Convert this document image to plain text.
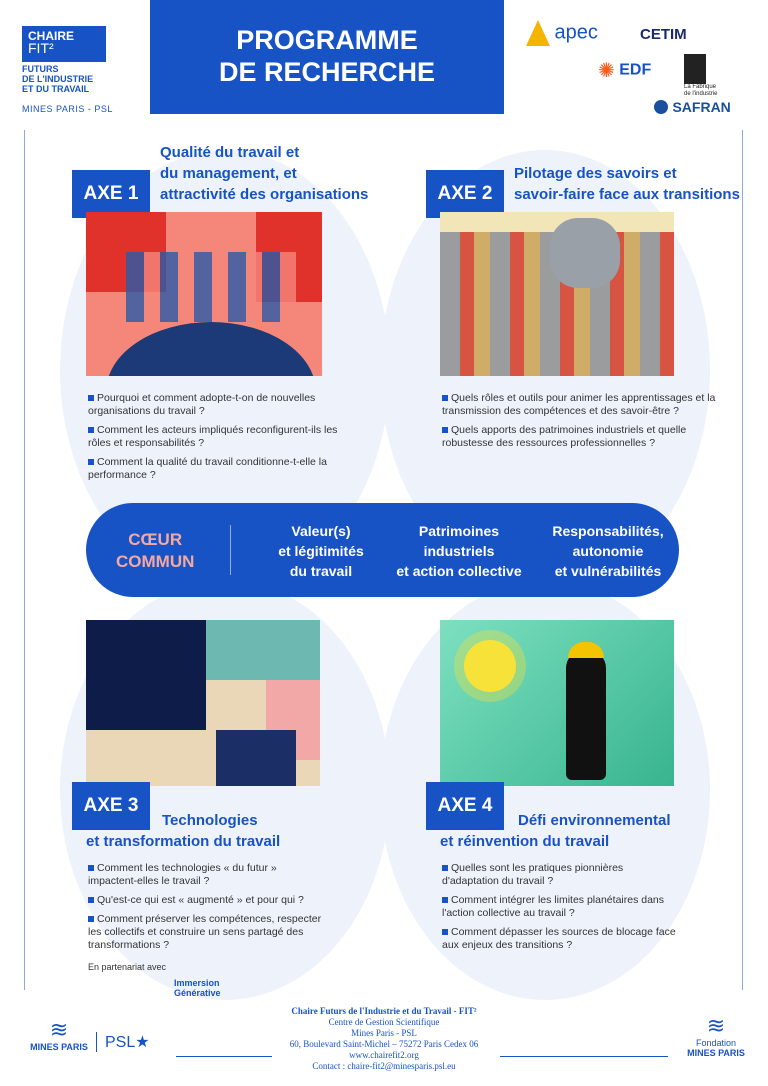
CHAIRE
FIT²
FUTURS
DE L'INDUSTRIE
ET DU TRAVAIL
MINES PARIS - PSL
PROGRAMME
DE RECHERCHE
apec	CETIM
✺ EDF
La Fabrique de l'industrie
SAFRAN
AXE 1
Qualité du travail et
du management, et
attractivité des organisations
Pourquoi et comment adopte-t-on de nouvelles organisations du travail ?
Comment les acteurs impliqués reconfigurent-ils les rôles et responsabilités ?
Comment la qualité du travail conditionne-t-elle la performance ?
AXE 2
Pilotage des savoirs et
savoir-faire face aux transitions
Quels rôles et outils pour animer les apprentissages et la transmission des compétences et des savoir-être ?
Quels apports des patrimoines industriels et quelle robustesse des ressources professionnelles ?
CŒUR
COMMUN
Valeur(s)
et légitimités
du travail
Patrimoines
industriels
et action collective
Responsabilités,
autonomie
et vulnérabilités
AXE 3
Technologies
et transformation du travail
Comment les technologies « du futur » impactent-elles le travail ?
Qu'est-ce qui est « augmenté » et pour qui ?
Comment préserver les compétences, respecter les collectifs et construire un sens partagé des transformations ?
En partenariat avec
Immersion
Générative
AXE 4
Défi environnemental
et réinvention du travail
Quelles sont les pratiques pionnières d'adaptation du travail ?
Comment intégrer les limites planétaires dans l'action collective au travail ?
Comment dépasser les sources de blocage face aux enjeux des transitions ?
≋
MINES PARIS	PSL★
Chaire Futurs de l'Industrie et du Travail - FIT²
Centre de Gestion Scientifique
Mines Paris - PSL
60, Boulevard Saint-Michel – 75272 Paris Cedex 06
www.chairefit2.org
Contact : chaire-fit2@minesparis.psl.eu
≋
Fondation
MINES PARIS
